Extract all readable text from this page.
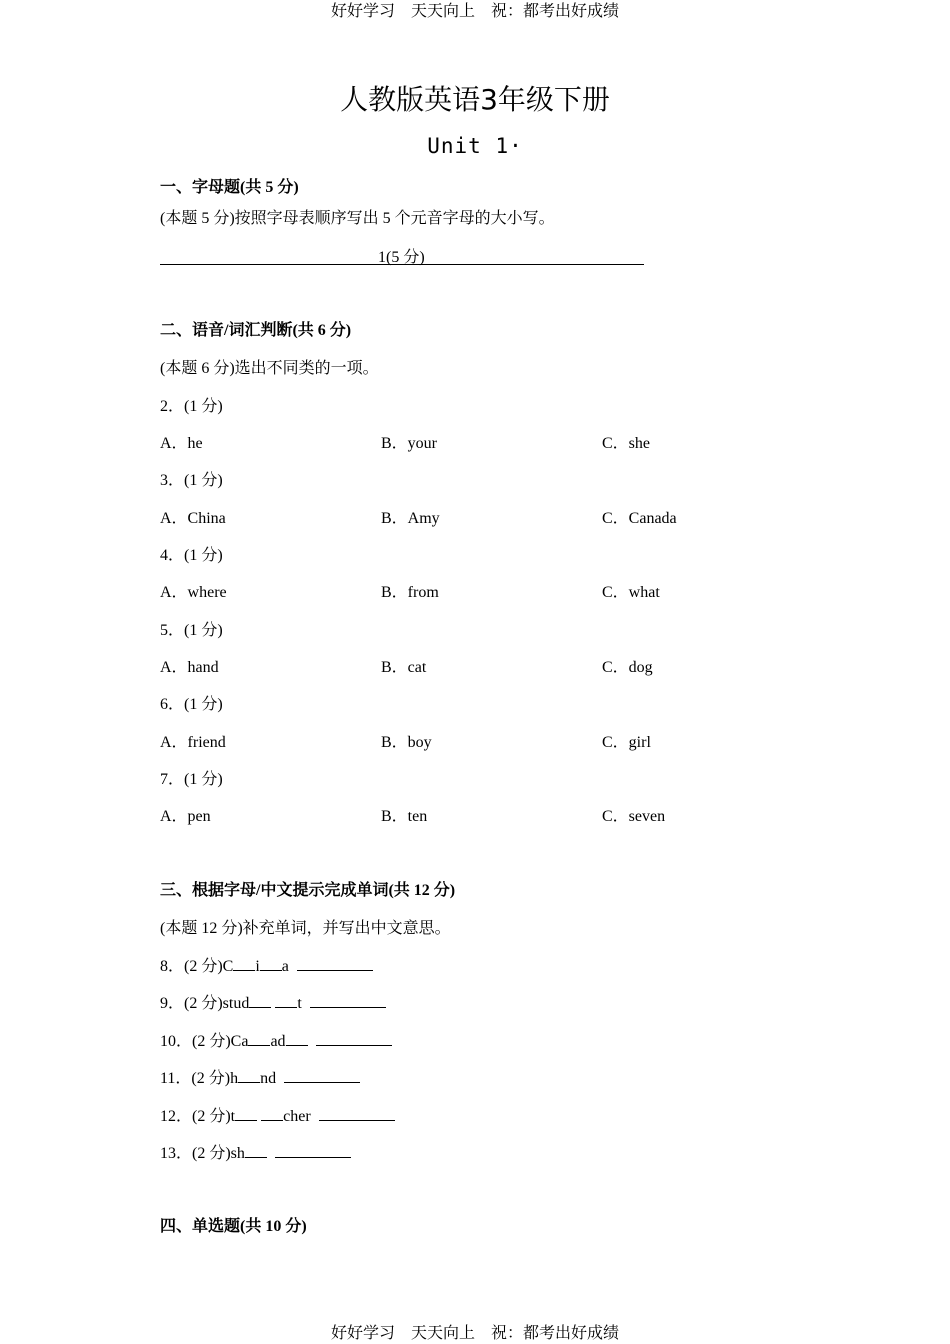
好好学习　天天向上　祝：都考出好成绩
人教版英语3年级下册
Unit 1·
一、字母题(共 5 分)
(本题 5 分)按照字母表顺序写出 5 个元音字母的大小写。
1(5 分)
二、语音/词汇判断(共 6 分)
(本题 6 分)选出不同类的一项。
2．(1 分)
A．he	B．your	C．she
3．(1 分)
A．China	B．Amy	C．Canada
4．(1 分)
A．where	B．from	C．what
5．(1 分)
A．hand	B．cat	C．dog
6．(1 分)
A．friend	B．boy	C．girl
7．(1 分)
A．pen	B．ten	C．seven
三、根据字母/中文提示完成单词(共 12 分)
(本题 12 分)补充单词，并写出中文意思。
8．(2 分)C i a
9．(2 分)stud	t
10．(2 分)Ca ad
11．(2 分)h nd
12．(2 分)t	cher
13．(2 分)sh
四、单选题(共 10 分)
好好学习　天天向上　祝：都考出好成绩
